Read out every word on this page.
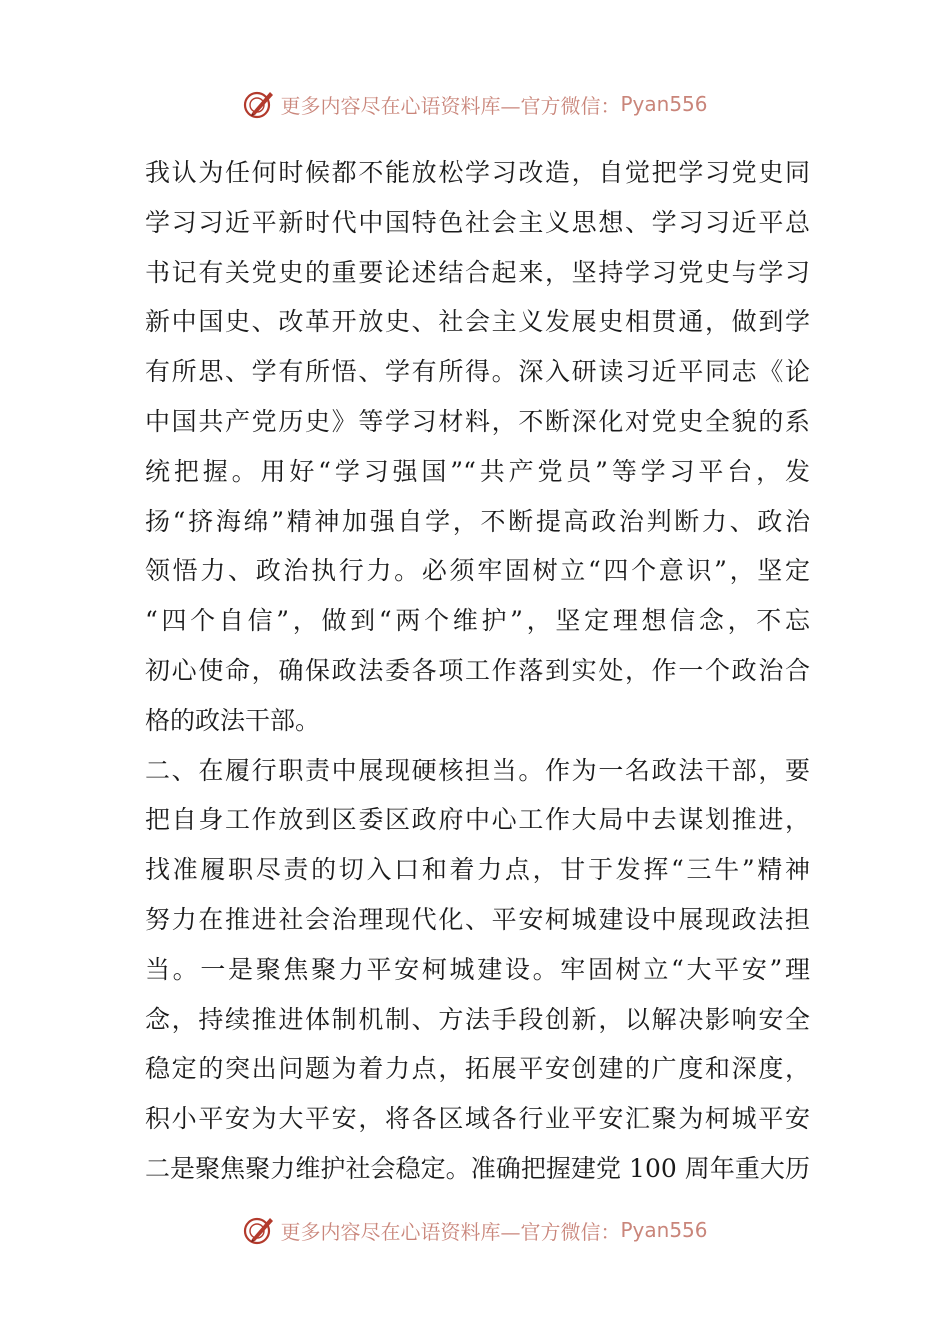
更多内容尽在心语资料库—官方微信： Pyan556
我认为任何时候都不能放松学习改造，自觉把学习党史同
学习习近平新时代中国特色社会主义思想、学习习近平总
书记有关党史的重要论述结合起来，坚持学习党史与学习
新中国史、改革开放史、社会主义发展史相贯通，做到学
有所思、学有所悟、学有所得。深入研读习近平同志《论
中国共产党历史》等学习材料，不断深化对党史全貌的系
统把握。用好“学习强国”“共产党员”等学习平台，发
扬“挤海绵”精神加强自学，不断提高政治判断力、政治
领悟力、政治执行力。必须牢固树立“四个意识”，坚定
“四个自信”，做到“两个维护”，坚定理想信念，不忘
初心使命，确保政法委各项工作落到实处，作一个政治合
格的政法干部。
二、在履行职责中展现硬核担当。作为一名政法干部，要
把自身工作放到区委区政府中心工作大局中去谋划推进，
找准履职尽责的切入口和着力点，甘于发挥“三牛”精神
努力在推进社会治理现代化、平安柯城建设中展现政法担
当。一是聚焦聚力平安柯城建设。牢固树立“大平安”理
念，持续推进体制机制、方法手段创新，以解决影响安全
稳定的突出问题为着力点，拓展平安创建的广度和深度，
积小平安为大平安，将各区域各行业平安汇聚为柯城平安
二是聚焦聚力维护社会稳定。准确把握建党 100 周年重大历
更多内容尽在心语资料库—官方微信： Pyan556
